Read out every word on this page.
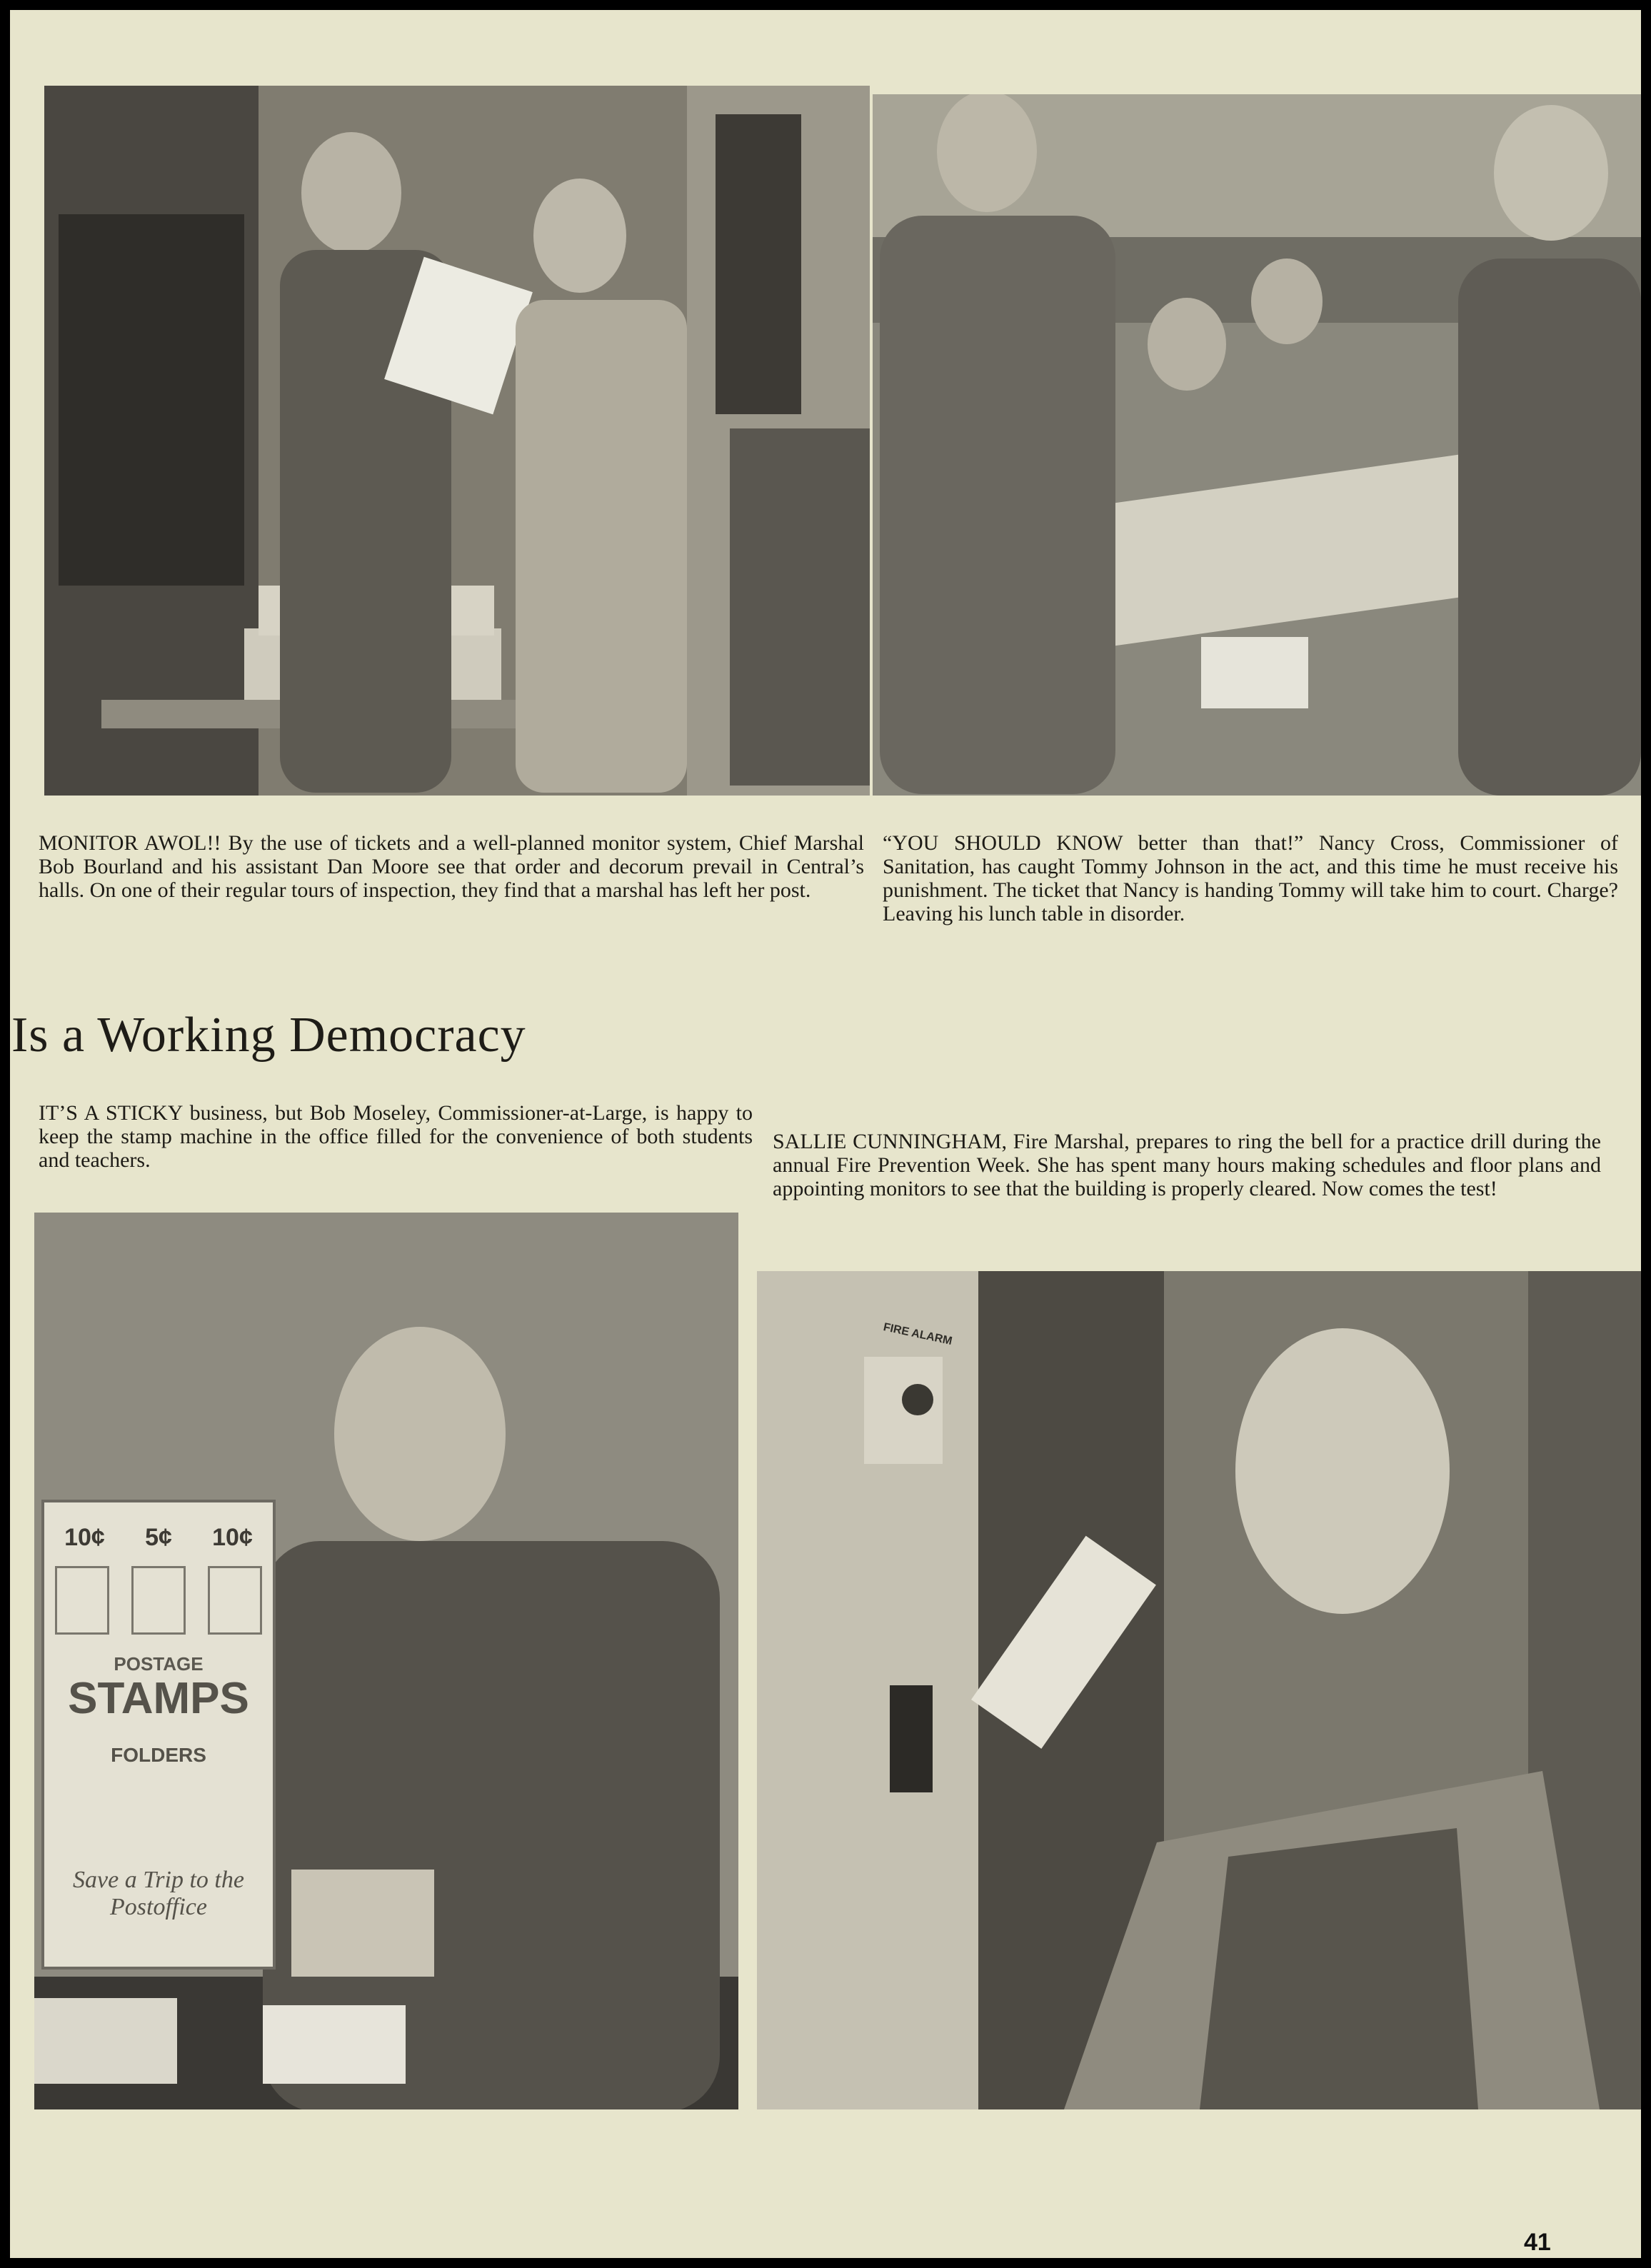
MONITOR AWOL!! By the use of tickets and a well-planned monitor system, Chief Marshal Bob Bourland and his assistant Dan Moore see that order and decorum prevail in Central’s halls. On one of their regular tours of inspection, they find that a marshal has left her post.

“YOU SHOULD KNOW better than that!” Nancy Cross, Commissioner of Sanitation, has caught Tommy Johnson in the act, and this time he must receive his punishment. The ticket that Nancy is handing Tommy will take him to court. Charge? Leaving his lunch table in disorder.

Is a Working Democracy

IT’S A STICKY business, but Bob Moseley, Commissioner-at-Large, is happy to keep the stamp machine in the office filled for the convenience of both students and teachers.

SALLIE CUNNINGHAM, Fire Marshal, prepares to ring the bell for a practice drill during the annual Fire Prevention Week. She has spent many hours making schedules and floor plans and appointing monitors to see that the building is properly cleared. Now comes the test!

10¢ 5¢ 10¢
POSTAGE
STAMPS
FOLDERS
Save a Trip to the Postoffice
FIRE ALARM
41
